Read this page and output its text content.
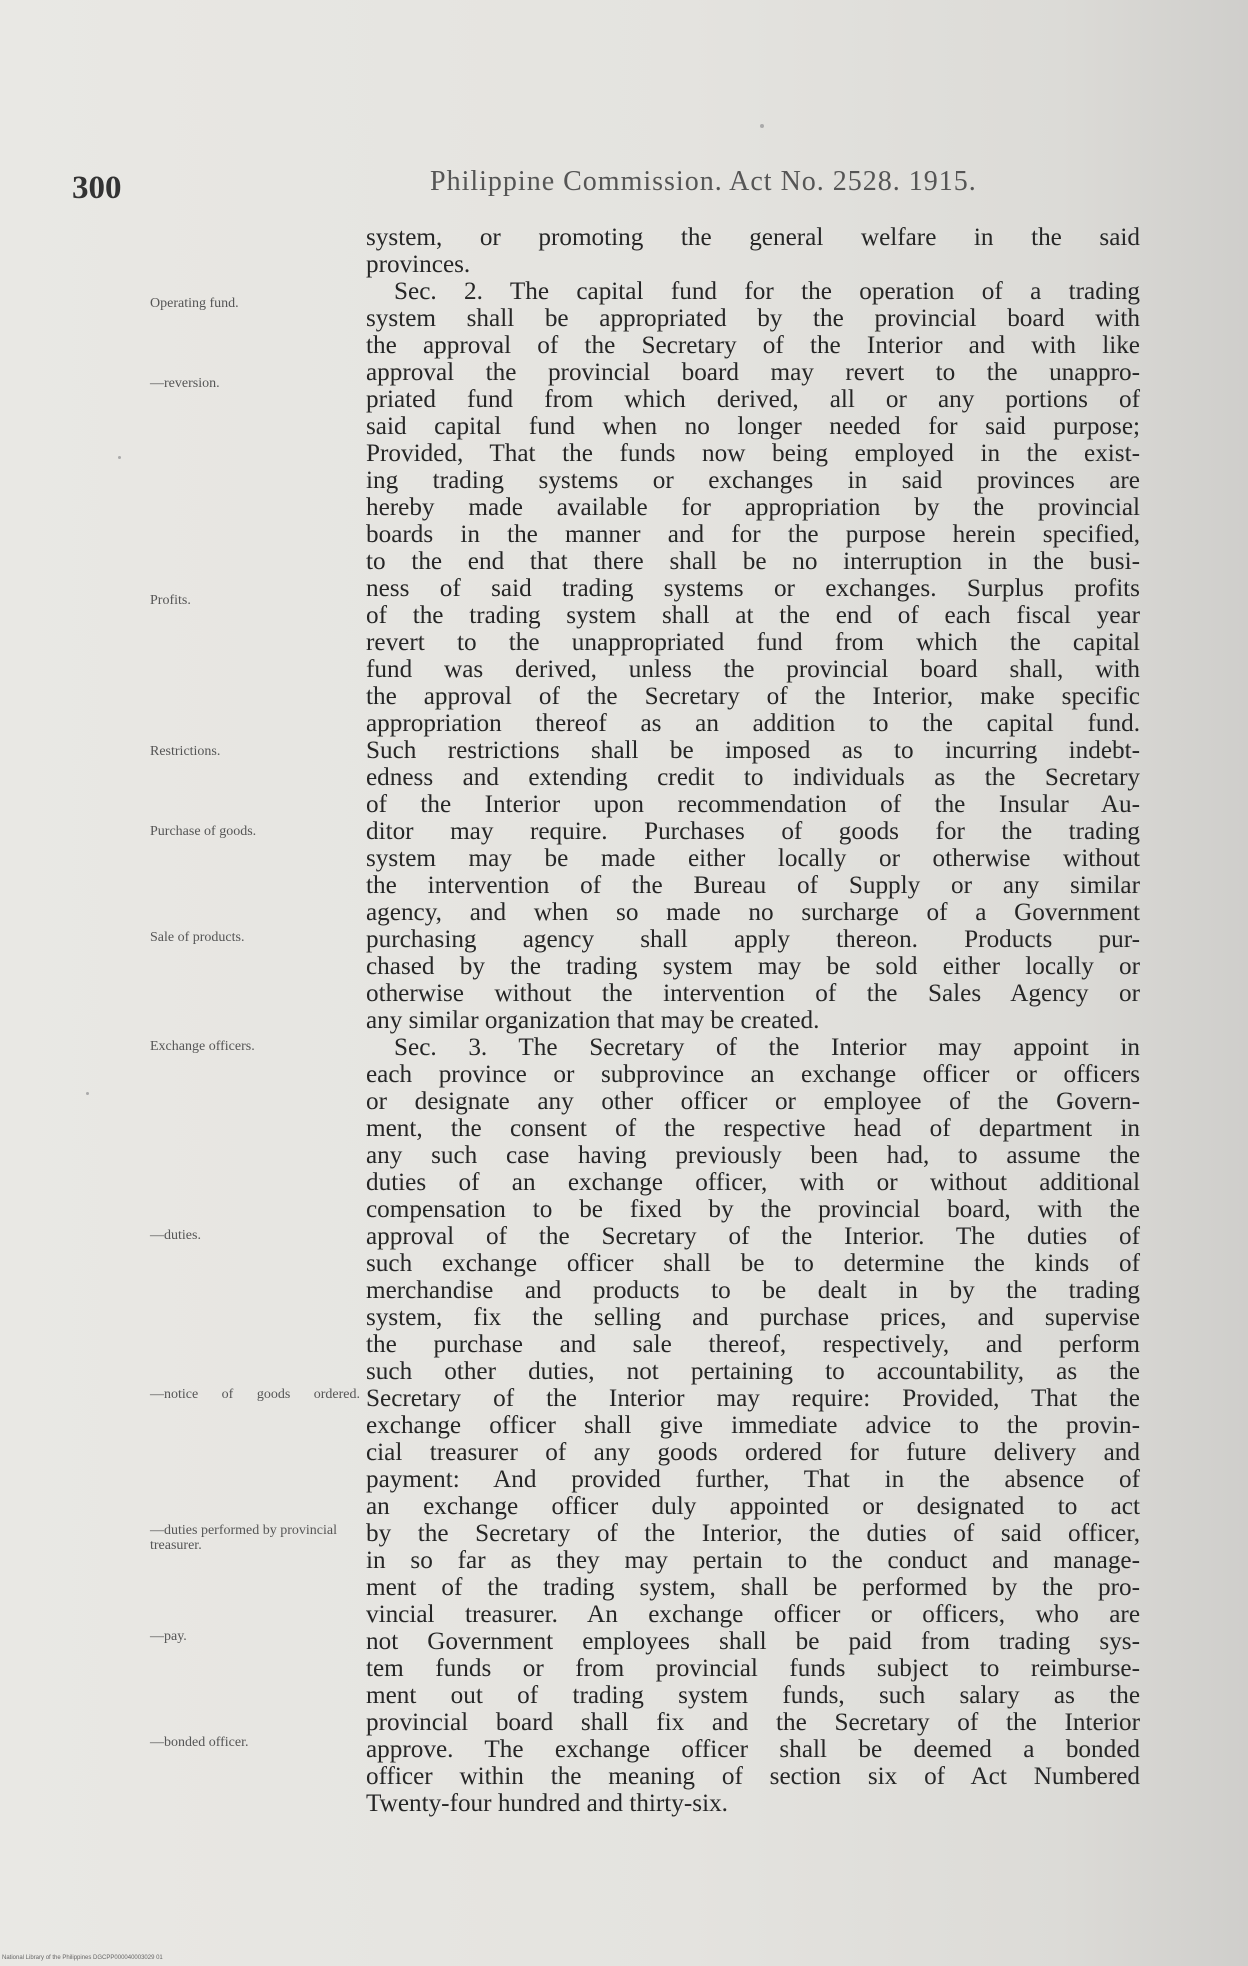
300	Philippine Commission. Act No. 2528. 1915.
Operating fund.
—reversion.
Profits.
Restrictions.
Purchase of goods.
Sale of products.
Exchange officers.
—duties.
—notice of goods ordered.
—duties performed by provincial treasurer.
—pay.
—bonded officer.
system, or promoting the general welfare in the said
provinces.
Sec. 2. The capital fund for the operation of a trading
system shall be appropriated by the provincial board with
the approval of the Secretary of the Interior and with like
approval the provincial board may revert to the unappro-
priated fund from which derived, all or any portions of
said capital fund when no longer needed for said purpose;
Provided, That the funds now being employed in the exist-
ing trading systems or exchanges in said provinces are
hereby made available for appropriation by the provincial
boards in the manner and for the purpose herein specified,
to the end that there shall be no interruption in the busi-
ness of said trading systems or exchanges. Surplus profits
of the trading system shall at the end of each fiscal year
revert to the unappropriated fund from which the capital
fund was derived, unless the provincial board shall, with
the approval of the Secretary of the Interior, make specific
appropriation thereof as an addition to the capital fund.
Such restrictions shall be imposed as to incurring indebt-
edness and extending credit to individuals as the Secretary
of the Interior upon recommendation of the Insular Au-
ditor may require. Purchases of goods for the trading
system may be made either locally or otherwise without
the intervention of the Bureau of Supply or any similar
agency, and when so made no surcharge of a Government
purchasing agency shall apply thereon. Products pur-
chased by the trading system may be sold either locally or
otherwise without the intervention of the Sales Agency or
any similar organization that may be created.
Sec. 3. The Secretary of the Interior may appoint in
each province or subprovince an exchange officer or officers
or designate any other officer or employee of the Govern-
ment, the consent of the respective head of department in
any such case having previously been had, to assume the
duties of an exchange officer, with or without additional
compensation to be fixed by the provincial board, with the
approval of the Secretary of the Interior. The duties of
such exchange officer shall be to determine the kinds of
merchandise and products to be dealt in by the trading
system, fix the selling and purchase prices, and supervise
the purchase and sale thereof, respectively, and perform
such other duties, not pertaining to accountability, as the
Secretary of the Interior may require: Provided, That the
exchange officer shall give immediate advice to the provin-
cial treasurer of any goods ordered for future delivery and
payment: And provided further, That in the absence of
an exchange officer duly appointed or designated to act
by the Secretary of the Interior, the duties of said officer,
in so far as they may pertain to the conduct and manage-
ment of the trading system, shall be performed by the pro-
vincial treasurer. An exchange officer or officers, who are
not Government employees shall be paid from trading sys-
tem funds or from provincial funds subject to reimburse-
ment out of trading system funds, such salary as the
provincial board shall fix and the Secretary of the Interior
approve. The exchange officer shall be deemed a bonded
officer within the meaning of section six of Act Numbered
Twenty-four hundred and thirty-six.
National Library of the Philippines DGCPP000040003029 01
